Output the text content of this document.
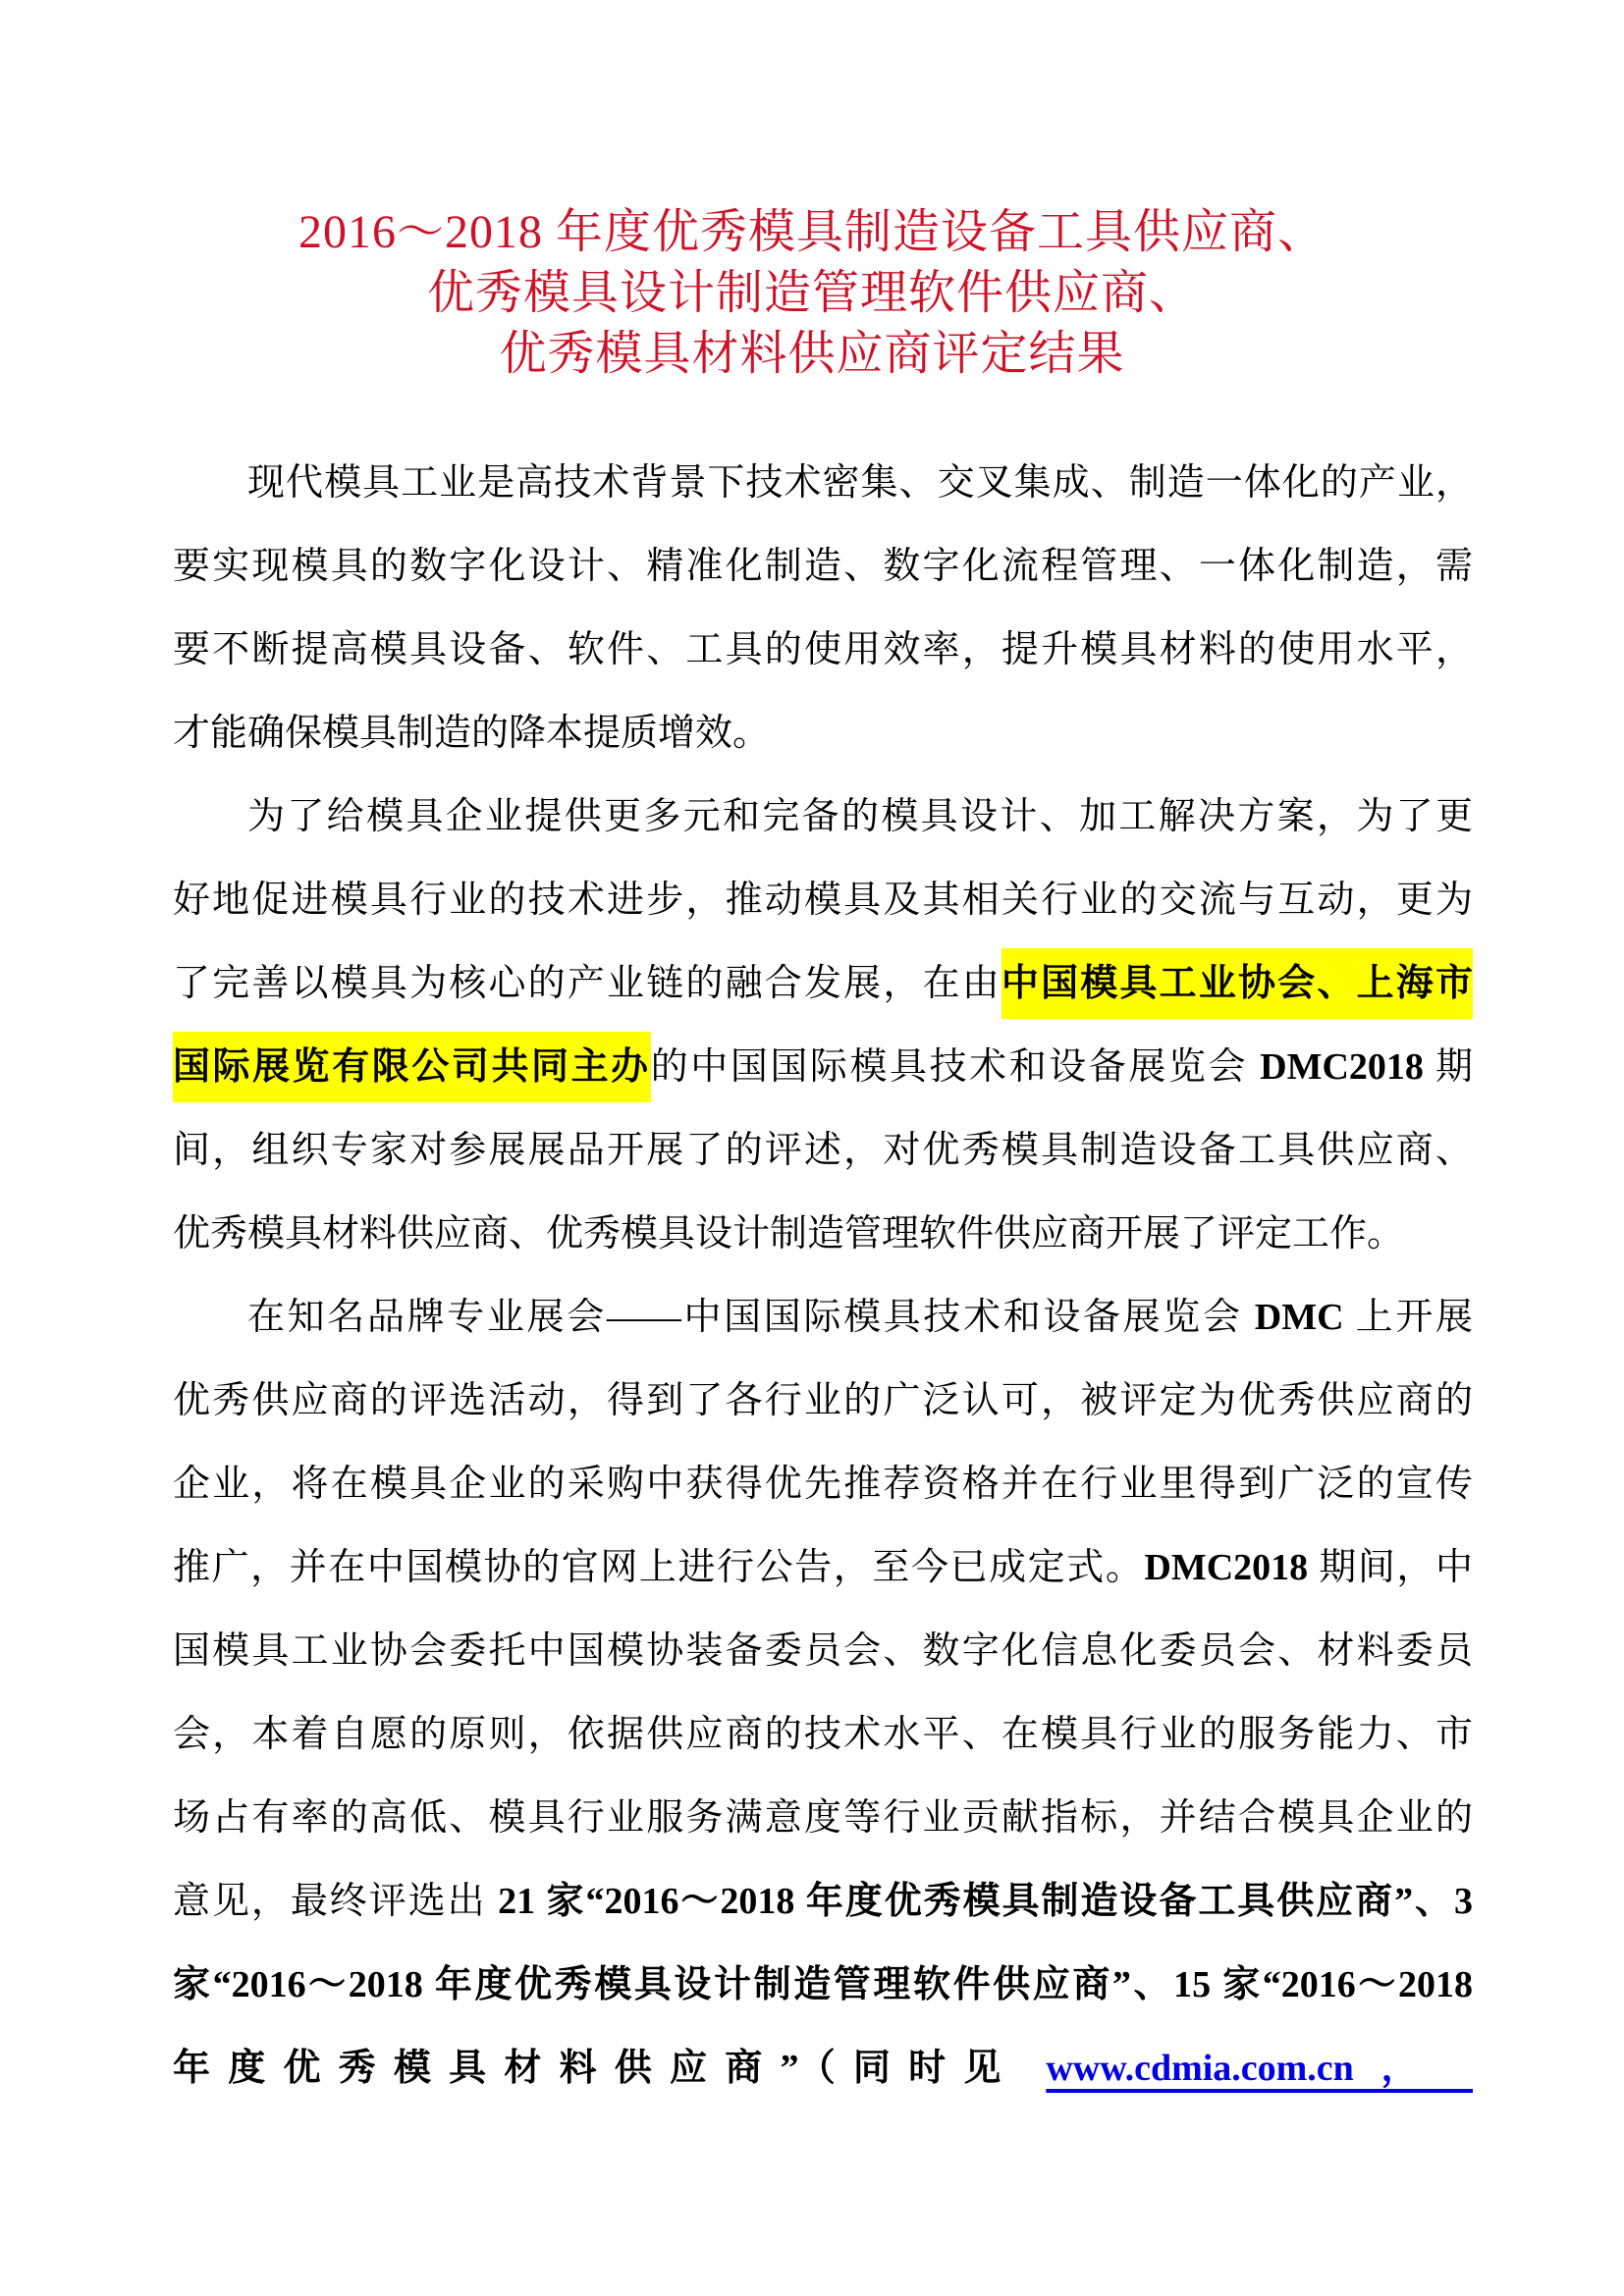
2016～2018 年度优秀模具制造设备工具供应商、
优秀模具设计制造管理软件供应商、
优秀模具材料供应商评定结果
现代模具工业是高技术背景下技术密集、交叉集成、制造一体化的产业，
要实现模具的数字化设计、精准化制造、数字化流程管理、一体化制造，需
要不断提高模具设备、软件、工具的使用效率，提升模具材料的使用水平，
才能确保模具制造的降本提质增效。
为了给模具企业提供更多元和完备的模具设计、加工解决方案，为了更
好地促进模具行业的技术进步，推动模具及其相关行业的交流与互动，更为
了完善以模具为核心的产业链的融合发展，在由中国模具工业协会、上海市
国际展览有限公司共同主办的中国国际模具技术和设备展览会 DMC2018 期
间，组织专家对参展展品开展了的评述，对优秀模具制造设备工具供应商、
优秀模具材料供应商、优秀模具设计制造管理软件供应商开展了评定工作。
在知名品牌专业展会——中国国际模具技术和设备展览会 DMC 上开展
优秀供应商的评选活动，得到了各行业的广泛认可，被评定为优秀供应商的
企业，将在模具企业的采购中获得优先推荐资格并在行业里得到广泛的宣传
推广，并在中国模协的官网上进行公告，至今已成定式。DMC2018 期间，中
国模具工业协会委托中国模协装备委员会、数字化信息化委员会、材料委员
会，本着自愿的原则，依据供应商的技术水平、在模具行业的服务能力、市
场占有率的高低、模具行业服务满意度等行业贡献指标，并结合模具企业的
意见，最终评选出 21 家“2016～2018 年度优秀模具制造设备工具供应商”、3
家“2016～2018 年度优秀模具设计制造管理软件供应商”、15 家“2016～2018
年度优秀模具材料供应商”（同时见 www.cdmia.com.cn ，
